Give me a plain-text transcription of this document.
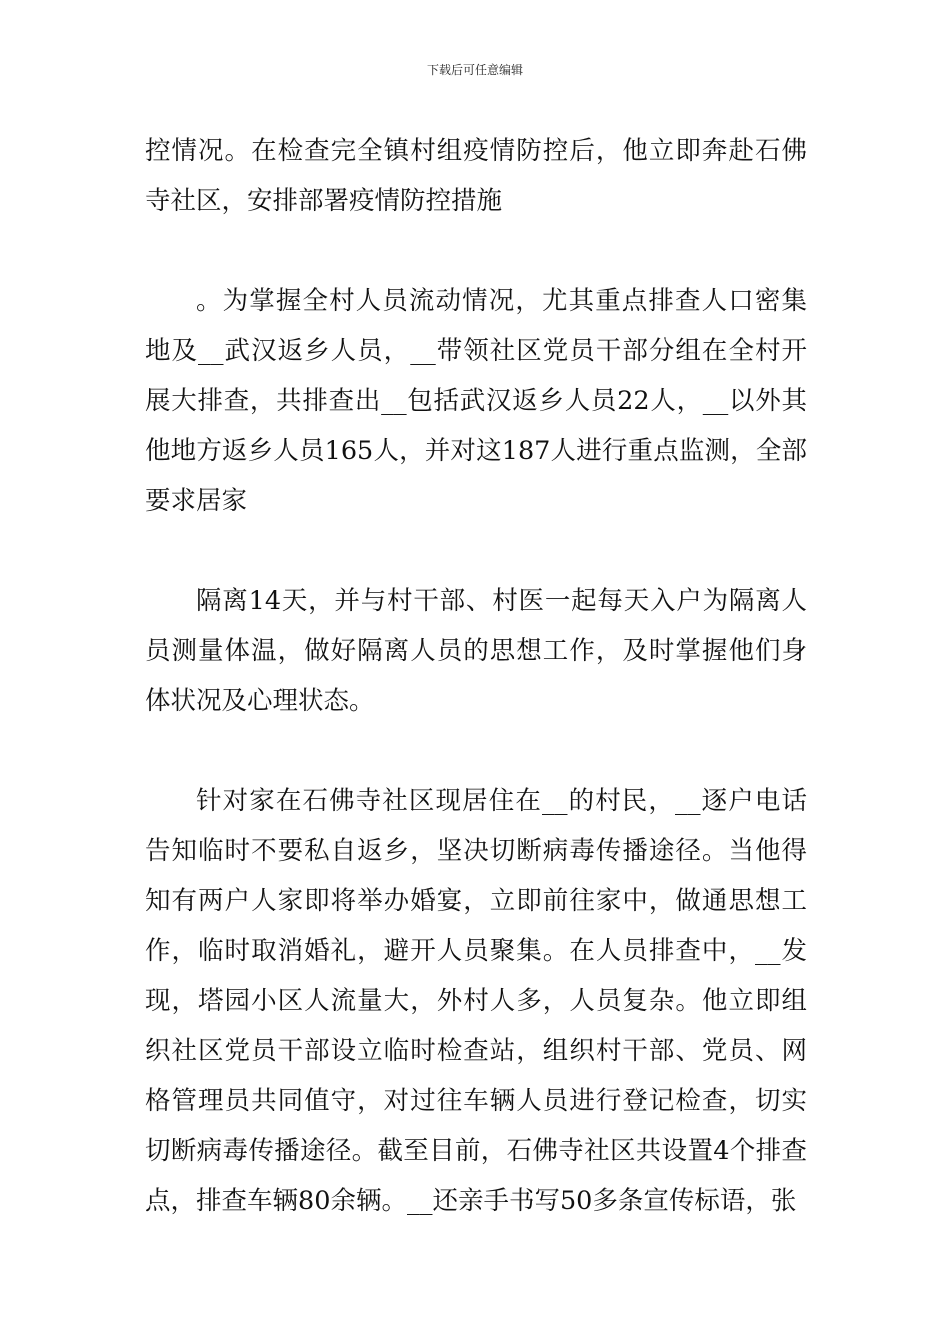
下载后可任意编辑

控情况。在检查完全镇村组疫情防控后，他立即奔赴石佛寺社区，安排部署疫情防控措施

。为掌握全村人员流动情况，尤其重点排查人口密集地及__武汉返乡人员，__带领社区党员干部分组在全村开展大排查，共排查出__包括武汉返乡人员22人，__以外其他地方返乡人员165人，并对这187人进行重点监测，全部要求居家

隔离14天，并与村干部、村医一起每天入户为隔离人员测量体温，做好隔离人员的思想工作，及时掌握他们身体状况及心理状态。

针对家在石佛寺社区现居住在__的村民，__逐户电话告知临时不要私自返乡，坚决切断病毒传播途径。当他得知有两户人家即将举办婚宴，立即前往家中，做通思想工作，临时取消婚礼，避开人员聚集。在人员排查中，__发现，塔园小区人流量大，外村人多，人员复杂。他立即组织社区党员干部设立临时检查站，组织村干部、党员、网格管理员共同值守，对过往车辆人员进行登记检查，切实切断病毒传播途径。截至目前，石佛寺社区共设置4个排查点，排查车辆80余辆。__还亲手书写50多条宣传标语，张
